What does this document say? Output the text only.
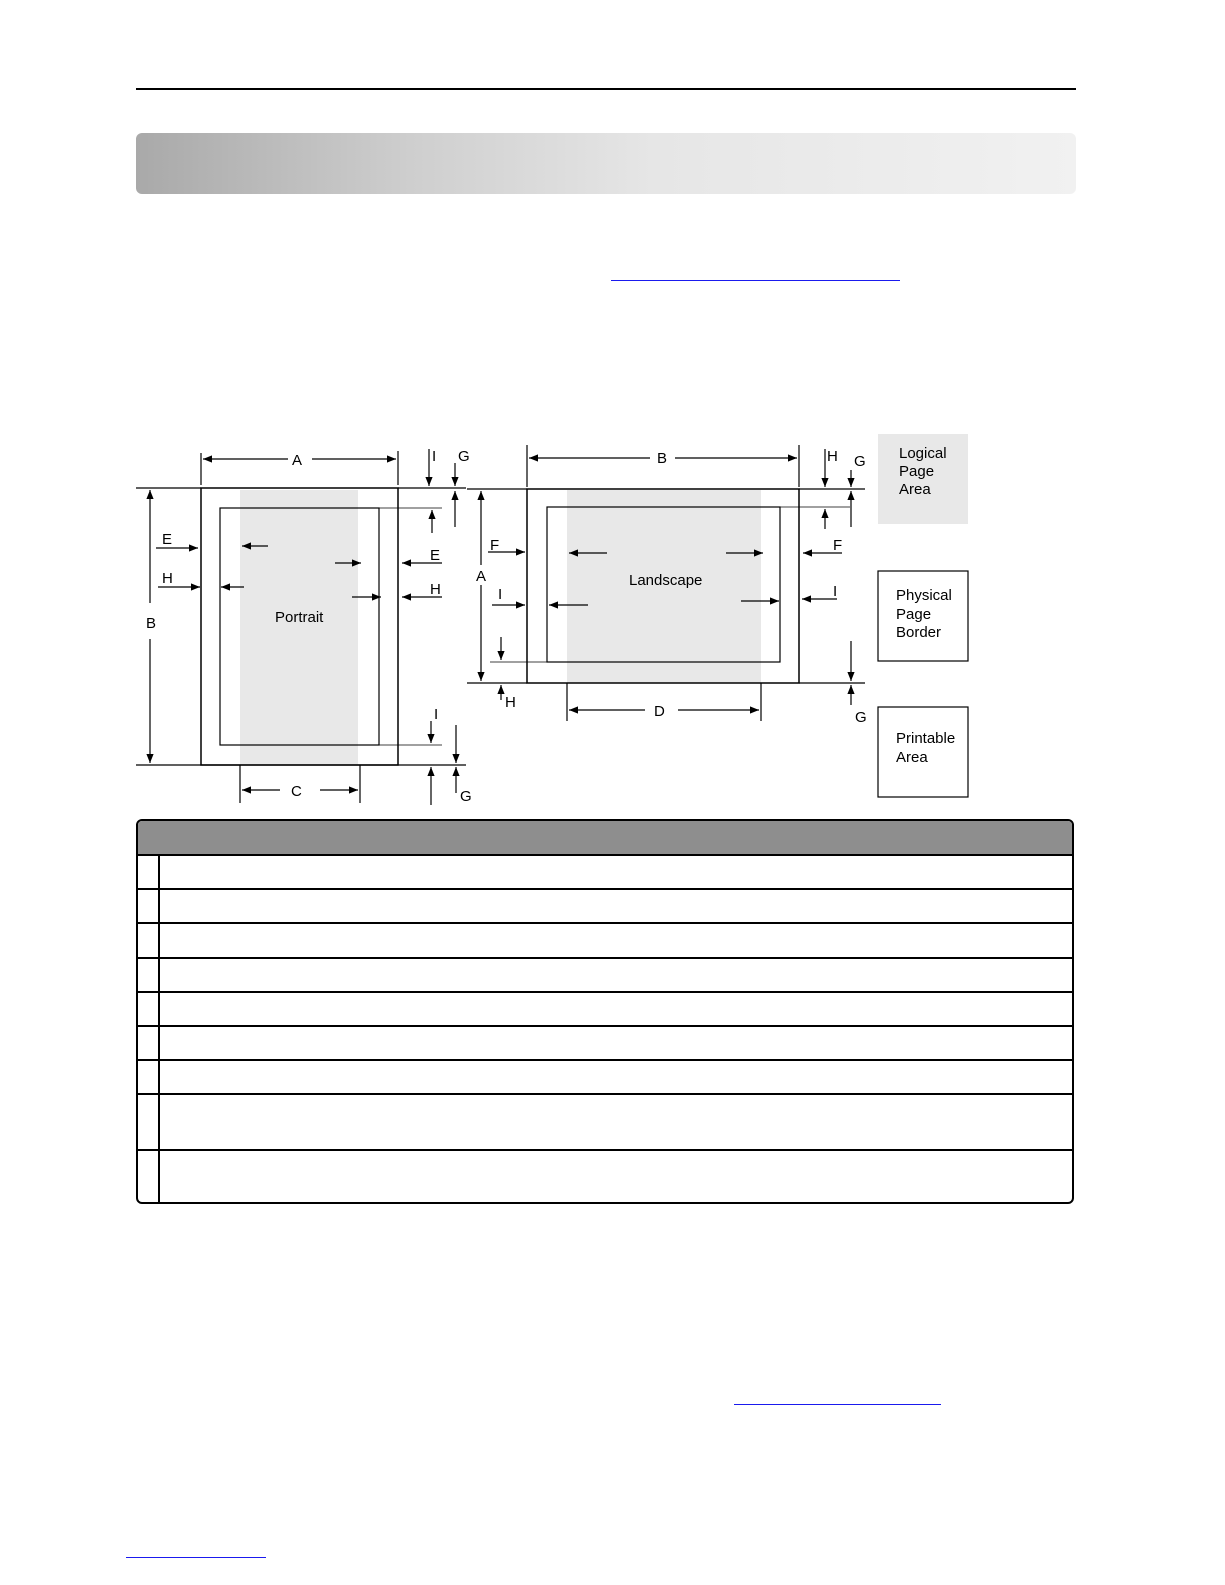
A
B
C
E
H
E
H
I G
I
G
Portrait
B
A
D
F
I
F
I
H
H G
G
Landscape
Logical
Page
Area
Physical
Page
Border
Printable
Area
